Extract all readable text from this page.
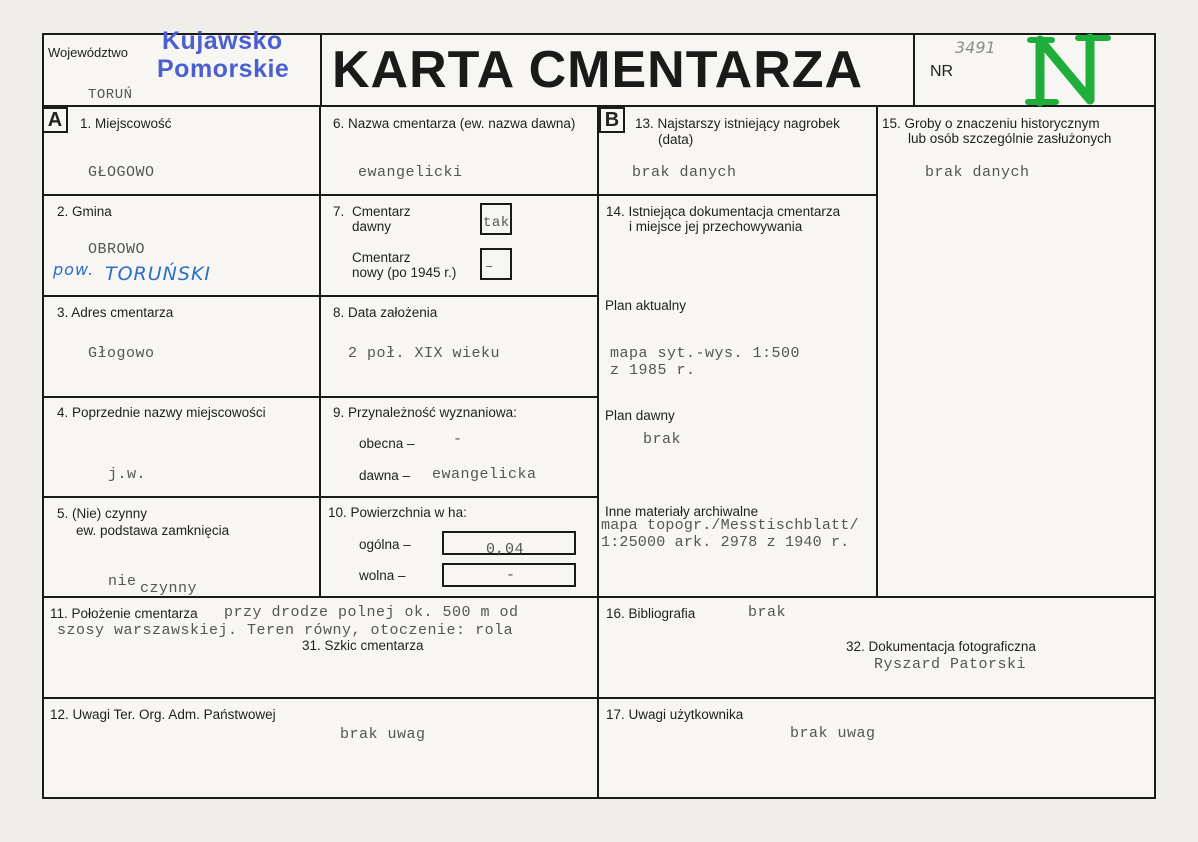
Województwo Kujawsko
Pomorskie
TORUŃ	KARTA CMENTARZA	NR
3491
A	B
1. Miejscowość
GŁOGOWO
2. Gmina
OBROWO
pow. TORUŃSKI
3. Adres cmentarza
Głogowo
4. Poprzednie nazwy miejscowości
j.w.
5. (Nie) czynny
ew. podstawa zamknięcia
nie czynny
6. Nazwa cmentarza (ew. nazwa dawna)
ewangelicki
7. Cmentarz
dawny	tak
Cmentarz
nowy (po 1945 r.) –
8. Data założenia
2 poł. XIX wieku
9. Przynależność wyznaniowa:
obecna –	-
dawna – ewangelicka
10. Powierzchnia w ha:
ogólna –	0,04
wolna –	-
13. Najstarszy istniejący nagrobek
(data)
brak danych
14. Istniejąca dokumentacja cmentarza
i miejsce jej przechowywania
Plan aktualny
mapa syt.-wys. 1:500
z 1985 r.
Plan dawny
brak
Inne materiały archiwalne
mapa topogr./Messtischblatt/
1:25000 ark. 2978 z 1940 r.
15. Groby o znaczeniu historycznym
lub osób szczególnie zasłużonych
brak danych
11. Położenie cmentarza przy drodze polnej ok. 500 m od
szosy warszawskiej. Teren równy, otoczenie: rola
31. Szkic cmentarza
16. Bibliografia	brak
32. Dokumentacja fotograficzna
Ryszard Patorski
12. Uwagi Ter. Org. Adm. Państwowej
brak uwag
17. Uwagi użytkownika
brak uwag
